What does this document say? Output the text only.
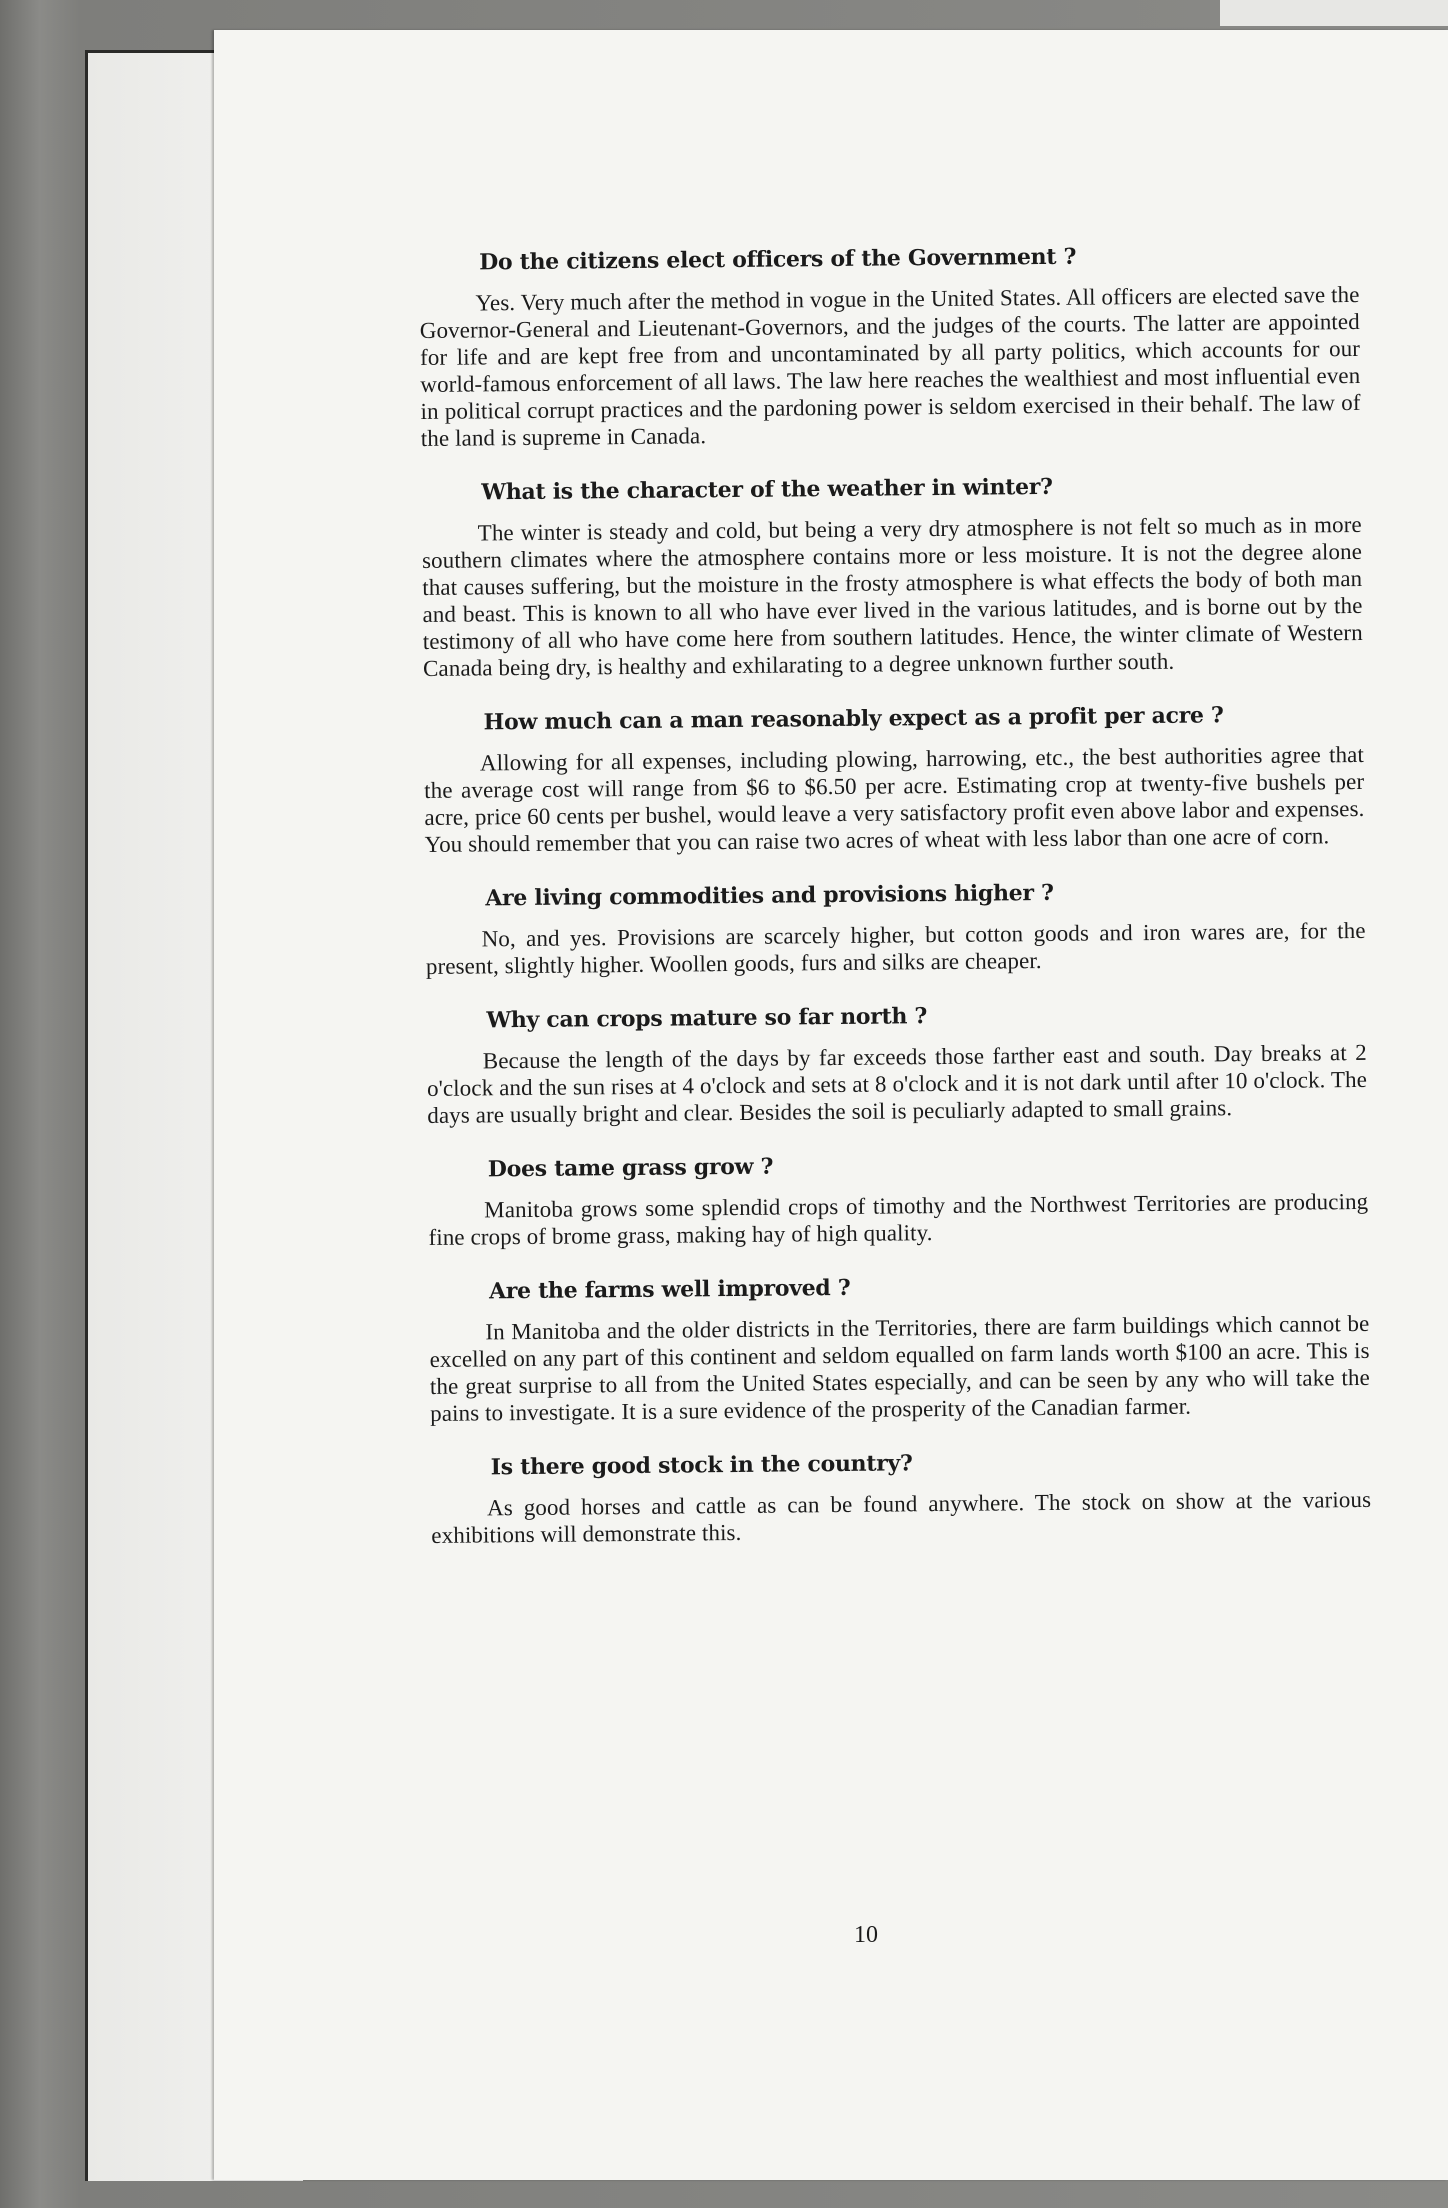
Do the citizens elect officers of the Government ?

Yes. Very much after the method in vogue in the United States. All officers are elected save the Governor-General and Lieutenant-Governors, and the judges of the courts. The latter are appointed for life and are kept free from and uncontaminated by all party politics, which accounts for our world-famous enforcement of all laws. The law here reaches the wealthiest and most influential even in political corrupt practices and the pardoning power is seldom exercised in their behalf. The law of the land is supreme in Canada.

What is the character of the weather in winter?

The winter is steady and cold, but being a very dry atmosphere is not felt so much as in more southern climates where the atmosphere contains more or less moisture. It is not the degree alone that causes suffering, but the moisture in the frosty atmosphere is what effects the body of both man and beast. This is known to all who have ever lived in the various latitudes, and is borne out by the testimony of all who have come here from southern latitudes. Hence, the winter climate of Western Canada being dry, is healthy and exhilarating to a degree unknown further south.

How much can a man reasonably expect as a profit per acre ?

Allowing for all expenses, including plowing, harrowing, etc., the best authorities agree that the average cost will range from $6 to $6.50 per acre. Estimating crop at twenty-five bushels per acre, price 60 cents per bushel, would leave a very satisfactory profit even above labor and expenses. You should remember that you can raise two acres of wheat with less labor than one acre of corn.

Are living commodities and provisions higher ?

No, and yes. Provisions are scarcely higher, but cotton goods and iron wares are, for the present, slightly higher. Woollen goods, furs and silks are cheaper.

Why can crops mature so far north ?

Because the length of the days by far exceeds those farther east and south. Day breaks at 2 o'clock and the sun rises at 4 o'clock and sets at 8 o'clock and it is not dark until after 10 o'clock. The days are usually bright and clear. Besides the soil is peculiarly adapted to small grains.

Does tame grass grow ?

Manitoba grows some splendid crops of timothy and the Northwest Territories are producing fine crops of brome grass, making hay of high quality.

Are the farms well improved ?

In Manitoba and the older districts in the Territories, there are farm buildings which cannot be excelled on any part of this continent and seldom equalled on farm lands worth $100 an acre. This is the great surprise to all from the United States especially, and can be seen by any who will take the pains to investigate. It is a sure evidence of the prosperity of the Canadian farmer.

Is there good stock in the country?

As good horses and cattle as can be found anywhere. The stock on show at the various exhibitions will demonstrate this.

10
